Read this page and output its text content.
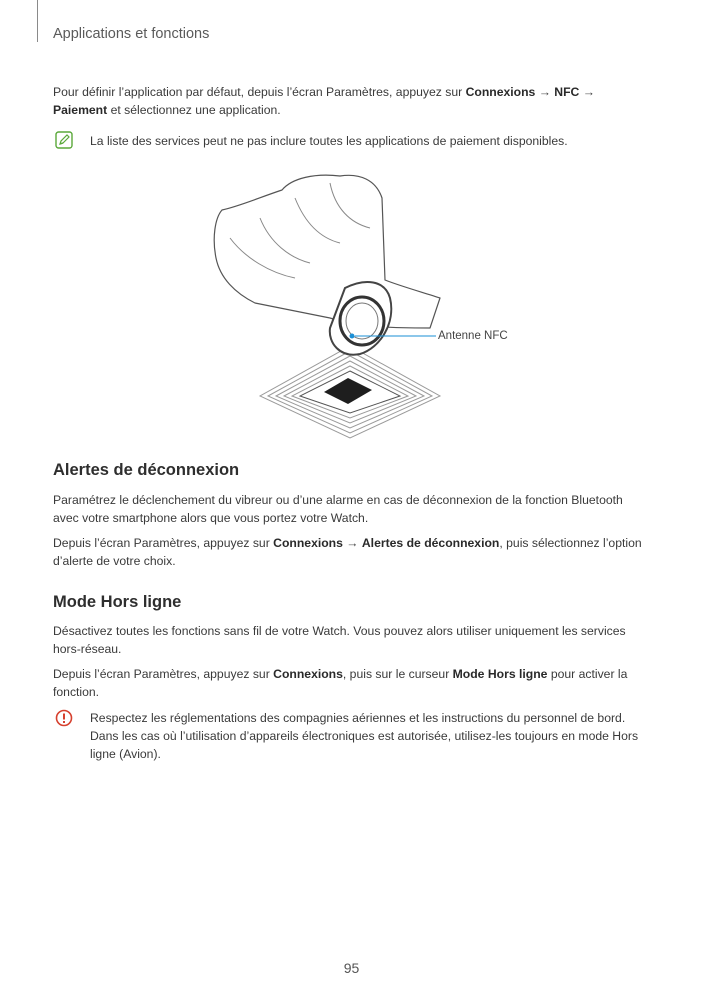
Applications et fonctions
Pour définir l’application par défaut, depuis l’écran Paramètres, appuyez sur Connexions → NFC →
Paiement et sélectionnez une application.
La liste des services peut ne pas inclure toutes les applications de paiement disponibles.
Antenne NFC
Alertes de déconnexion
Paramétrez le déclenchement du vibreur ou d’une alarme en cas de déconnexion de la fonction Bluetooth
avec votre smartphone alors que vous portez votre Watch.
Depuis l’écran Paramètres, appuyez sur Connexions → Alertes de déconnexion, puis sélectionnez l’option
d’alerte de votre choix.
Mode Hors ligne
Désactivez toutes les fonctions sans fil de votre Watch. Vous pouvez alors utiliser uniquement les services
hors-réseau.
Depuis l’écran Paramètres, appuyez sur Connexions, puis sur le curseur Mode Hors ligne pour activer la
fonction.
Respectez les réglementations des compagnies aériennes et les instructions du personnel de bord.
Dans les cas où l’utilisation d’appareils électroniques est autorisée, utilisez-les toujours en mode Hors
ligne (Avion).
95
